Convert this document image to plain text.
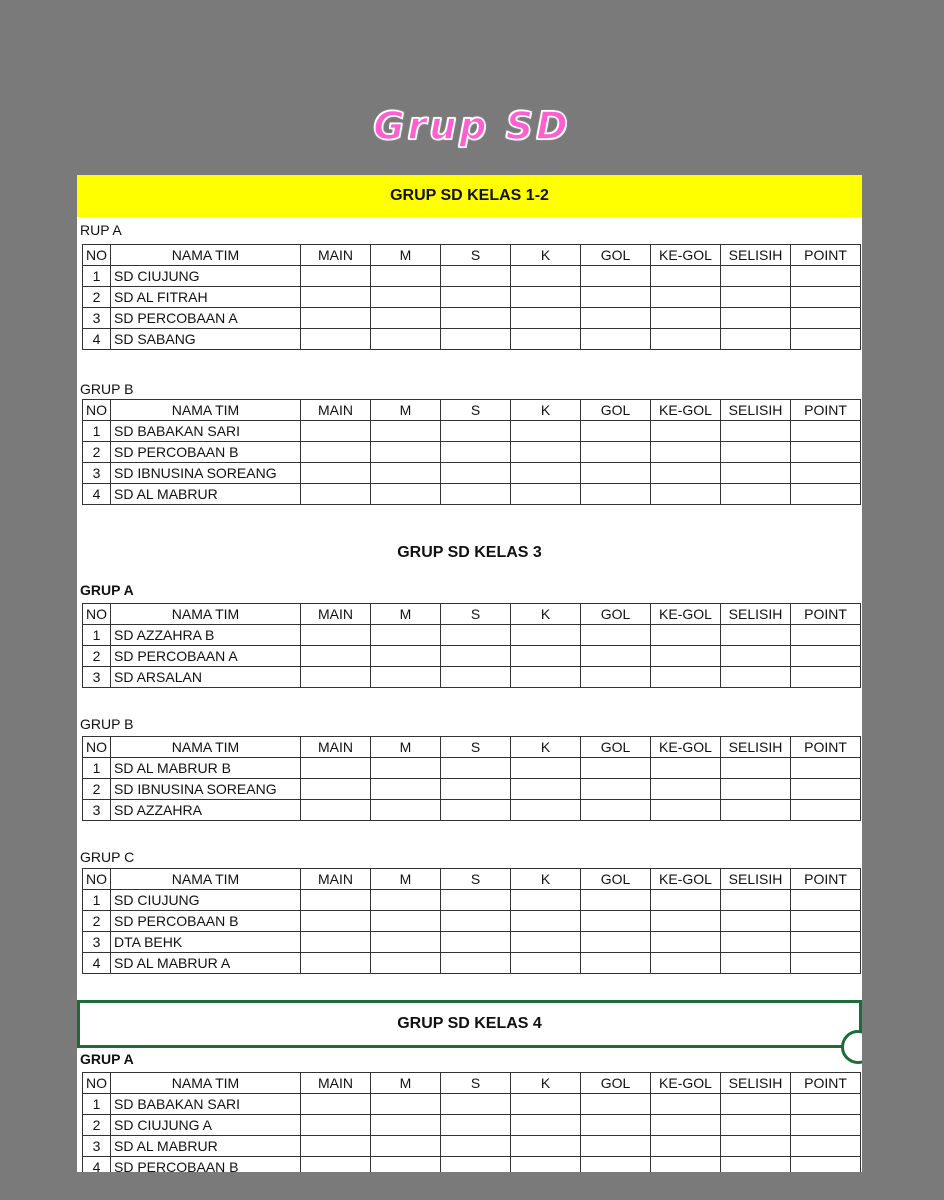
Grup SD
GRUP SD KELAS 1-2
RUP A
NO	NAMA TIM	MAIN	M	S	K	GOL	KE-GOL	SELISIH	POINT
1	SD CIUJUNG								
2	SD AL FITRAH								
3	SD PERCOBAAN A								
4	SD SABANG								
GRUP B
NO	NAMA TIM	MAIN	M	S	K	GOL	KE-GOL	SELISIH	POINT
1	SD BABAKAN SARI								
2	SD PERCOBAAN B								
3	SD IBNUSINA SOREANG								
4	SD AL MABRUR								
GRUP SD KELAS 3
GRUP A
NO	NAMA TIM	MAIN	M	S	K	GOL	KE-GOL	SELISIH	POINT
1	SD AZZAHRA B								
2	SD PERCOBAAN A								
3	SD ARSALAN								
GRUP B
NO	NAMA TIM	MAIN	M	S	K	GOL	KE-GOL	SELISIH	POINT
1	SD AL MABRUR B								
2	SD IBNUSINA SOREANG								
3	SD AZZAHRA								
GRUP C
NO	NAMA TIM	MAIN	M	S	K	GOL	KE-GOL	SELISIH	POINT
1	SD CIUJUNG								
2	SD PERCOBAAN B								
3	DTA BEHK								
4	SD AL MABRUR A								
GRUP SD KELAS 4
GRUP A
NO	NAMA TIM	MAIN	M	S	K	GOL	KE-GOL	SELISIH	POINT
1	SD BABAKAN SARI								
2	SD CIUJUNG A								
3	SD AL MABRUR								
4	SD PERCOBAAN B								
